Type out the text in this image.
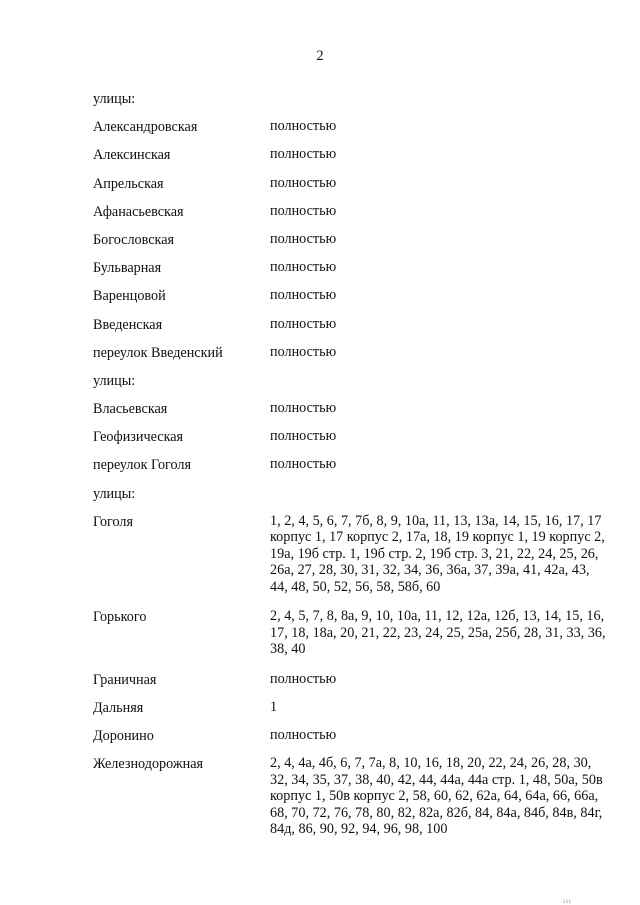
2
улицы:
Александровская	полностью
Алексинская	полностью
Апрельская	полностью
Афанасьевская	полностью
Богословская	полностью
Бульварная	полностью
Варенцовой	полностью
Введенская	полностью
переулок Введенский	полностью
улицы:
Власьевская	полностью
Геофизическая	полностью
переулок Гоголя	полностью
улицы:
Гоголя	1, 2, 4, 5, 6, 7, 7б, 8, 9, 10а, 11, 13, 13а, 14, 15, 16, 17, 17 корпус 1, 17 корпус 2, 17а, 18, 19 корпус 1, 19 корпус 2, 19а, 19б стр. 1, 19б стр. 2, 19б стр. 3, 21, 22, 24, 25, 26, 26а, 27, 28, 30, 31, 32, 34, 36, 36а, 37, 39а, 41, 42а, 43, 44, 48, 50, 52, 56, 58, 58б, 60
Горького	2, 4, 5, 7, 8, 8а, 9, 10, 10а, 11, 12, 12а, 12б, 13, 14, 15, 16, 17, 18, 18а, 20, 21, 22, 23, 24, 25, 25а, 25б, 28, 31, 33, 36, 38, 40
Граничная	полностью
Дальняя	1
Доронино	полностью
Железнодорожная	2, 4, 4а, 4б, 6, 7, 7а, 8, 10, 16, 18, 20, 22, 24, 26, 28, 30, 32, 34, 35, 37, 38, 40, 42, 44, 44а, 44а стр. 1, 48, 50а, 50в корпус 1, 50в корпус 2, 58, 60, 62, 62а, 64, 64а, 66, 66а, 68, 70, 72, 76, 78, 80, 82, 82а, 82б, 84, 84а, 84б, 84в, 84г, 84д, 86, 90, 92, 94, 96, 98, 100
ııı
